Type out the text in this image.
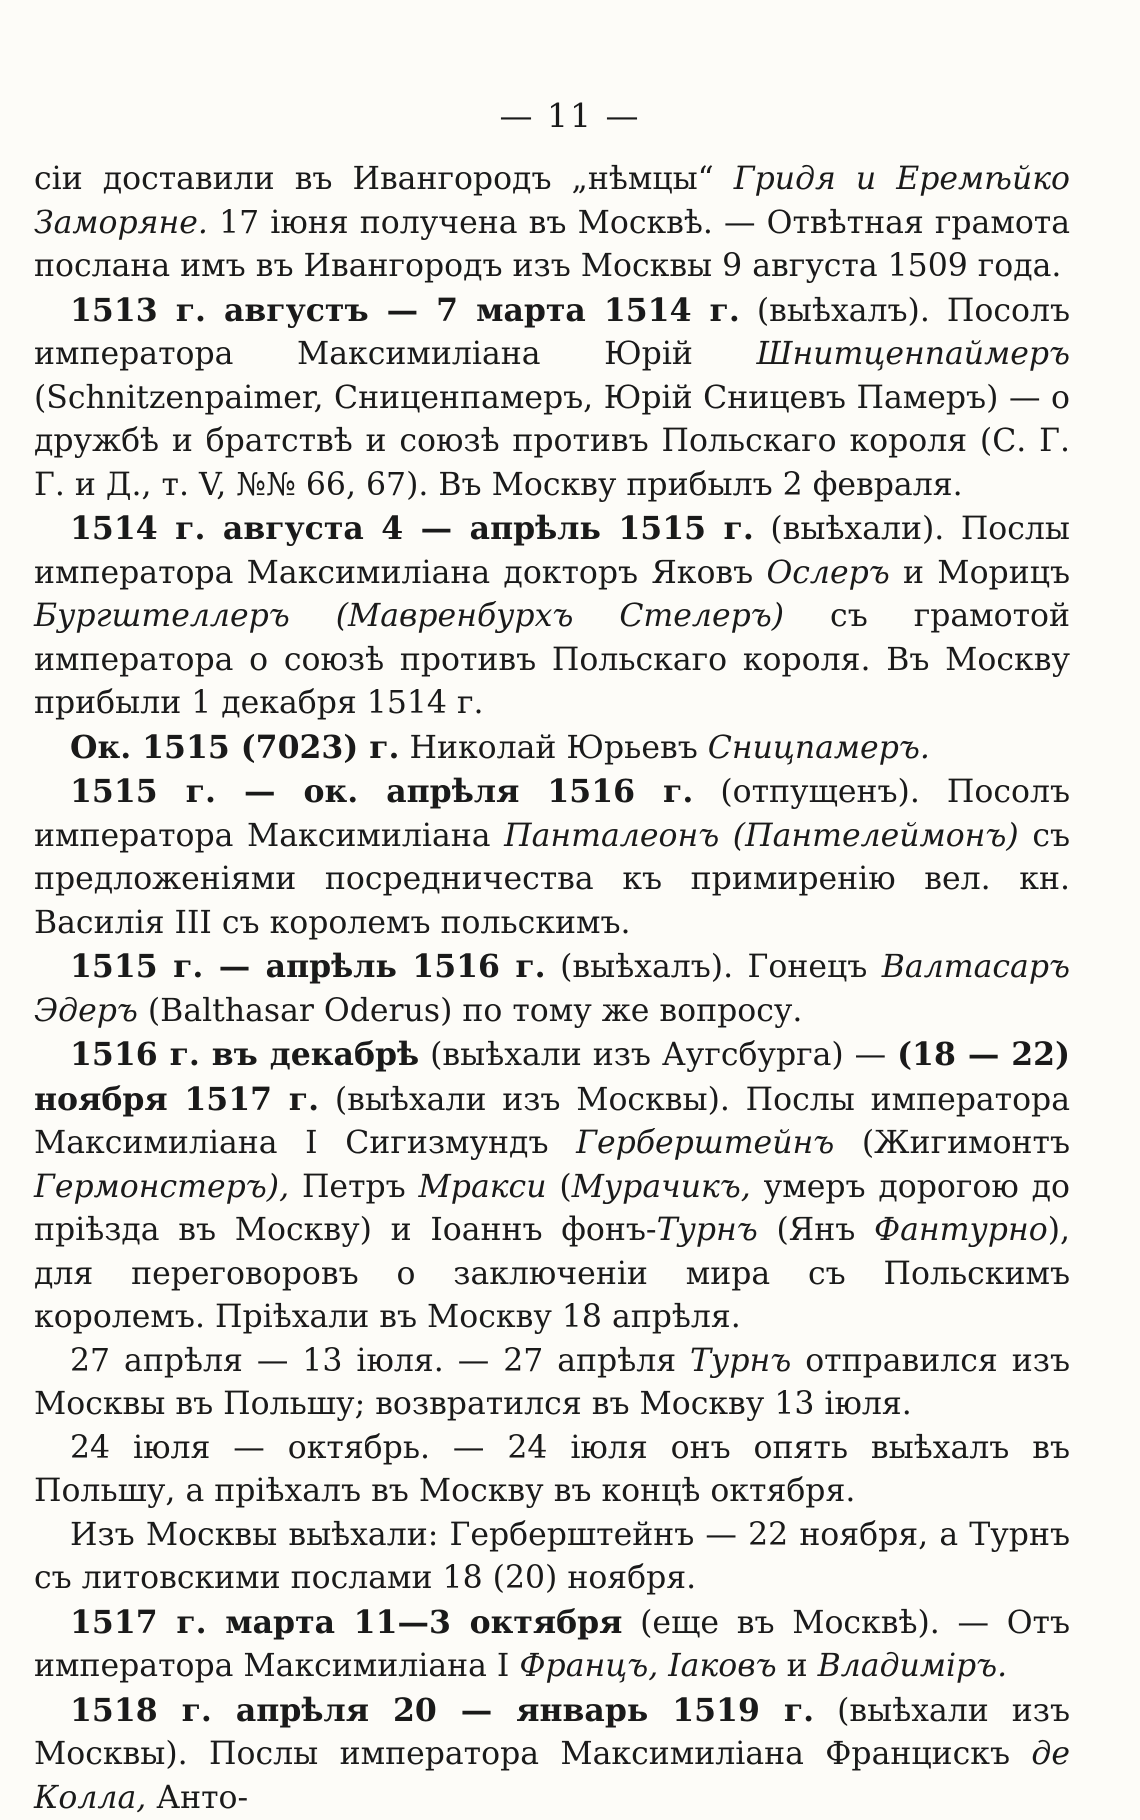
— 11 —

сіи доставили въ Ивангородъ „нѣмцы“ Гридя и Еремѣйко Заморяне. 17 іюня получена въ Москвѣ. — Отвѣтная грамота послана имъ въ Ивангородъ изъ Москвы 9 августа 1509 года.

1513 г. августъ — 7 марта 1514 г. (выѣхалъ). Посолъ императора Максимиліана Юрій Шнитценпаймеръ (Schnitzenpaimer, Сниценпамеръ, Юрій Сницевъ Памеръ) — о дружбѣ и братствѣ и союзѣ противъ Польскаго короля (С. Г. Г. и Д., т. V, №№ 66, 67). Въ Москву прибылъ 2 февраля.

1514 г. августа 4 — апрѣль 1515 г. (выѣхали). Послы императора Максимиліана докторъ Яковъ Ослеръ и Морицъ Бургштеллеръ (Мавренбурхъ Стелеръ) съ грамотой императора о союзѣ противъ Польскаго короля. Въ Москву прибыли 1 декабря 1514 г.

Ок. 1515 (7023) г. Николай Юрьевъ Сницпамеръ.

1515 г. — ок. апрѣля 1516 г. (отпущенъ). Посолъ императора Максимиліана Панталеонъ (Пантелеймонъ) съ предложеніями посредничества къ примиренію вел. кн. Василія III съ королемъ польскимъ.

1515 г. — апрѣль 1516 г. (выѣхалъ). Гонецъ Валтасаръ Эдеръ (Balthasar Oderus) по тому же вопросу.

1516 г. въ декабрѣ (выѣхали изъ Аугсбурга) — (18 — 22) ноября 1517 г. (выѣхали изъ Москвы). Послы императора Максимиліана I Сигизмундъ Герберштейнъ (Жигимонтъ Гермонстеръ), Петръ Мракси (Мурачикъ, умеръ дорогою до пріѣзда въ Москву) и Іоаннъ фонъ-Турнъ (Янъ Фантурно), для переговоровъ о заключеніи мира съ Польскимъ королемъ. Пріѣхали въ Москву 18 апрѣля.

27 апрѣля — 13 іюля. — 27 апрѣля Турнъ отправился изъ Москвы въ Польшу; возвратился въ Москву 13 іюля.

24 іюля — октябрь. — 24 іюля онъ опять выѣхалъ въ Польшу, а пріѣхалъ въ Москву въ концѣ октября.

Изъ Москвы выѣхали: Герберштейнъ — 22 ноября, а Турнъ съ литовскими послами 18 (20) ноября.

1517 г. марта 11—3 октября (еще въ Москвѣ). — Отъ императора Максимиліана I Францъ, Іаковъ и Владиміръ.

1518 г. апрѣля 20 — январь 1519 г. (выѣхали изъ Москвы). Послы императора Максимиліана Францискъ де Колла, Анто-
